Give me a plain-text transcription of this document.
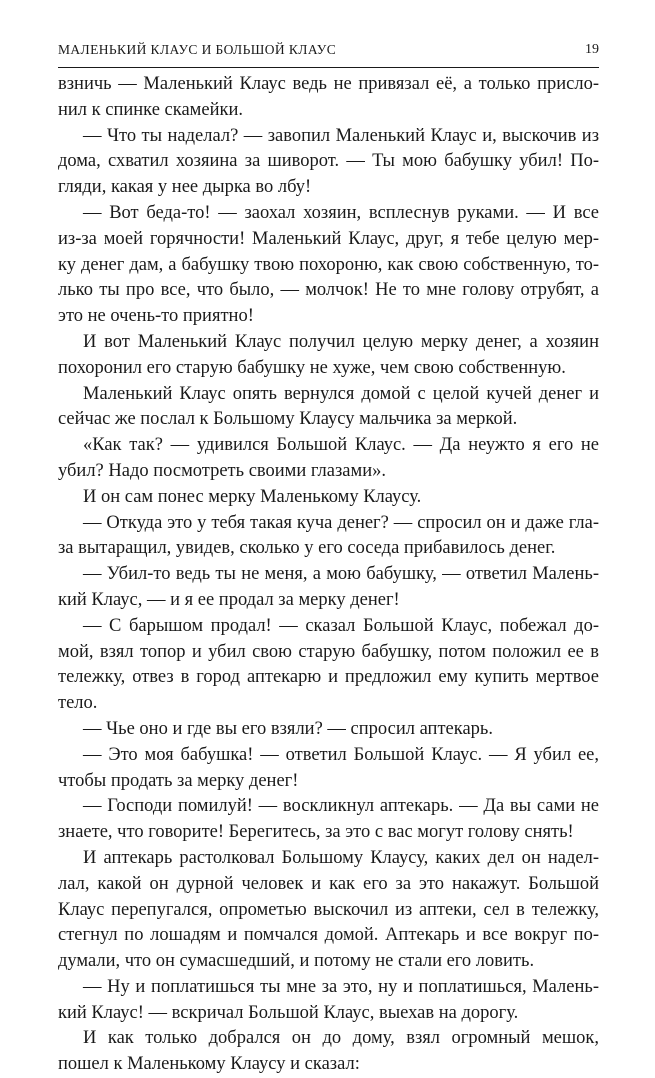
МАЛЕНЬКИЙ КЛАУС И БОЛЬШОЙ КЛАУС	19
взничь — Маленький Клаус ведь не привязал её, а только присло-
нил к спинке скамейки.
— Что ты наделал? — завопил Маленький Клаус и, выскочив из
дома, схватил хозяина за шиворот. — Ты мою бабушку убил! По-
гляди, какая у нее дырка во лбу!
— Вот беда-то! — заохал хозяин, всплеснув руками. — И все
из-за моей горячности! Маленький Клаус, друг, я тебе целую мер-
ку денег дам, а бабушку твою похороню, как свою собственную, то-
лько ты про все, что было, — молчок! Не то мне голову отрубят, а
это не очень-то приятно!
И вот Маленький Клаус получил целую мерку денег, а хозяин
похоронил его старую бабушку не хуже, чем свою собственную.
Маленький Клаус опять вернулся домой с целой кучей денег и
сейчас же послал к Большому Клаусу мальчика за меркой.
«Как так? — удивился Большой Клаус. — Да неужто я его не
убил? Надо посмотреть своими глазами».
И он сам понес мерку Маленькому Клаусу.
— Откуда это у тебя такая куча денег? — спросил он и даже гла-
за вытаращил, увидев, сколько у его соседа прибавилось денег.
— Убил-то ведь ты не меня, а мою бабушку, — ответил Малень-
кий Клаус, — и я ее продал за мерку денег!
— С барышом продал! — сказал Большой Клаус, побежал до-
мой, взял топор и убил свою старую бабушку, потом положил ее в
тележку, отвез в город аптекарю и предложил ему купить мертвое
тело.
— Чье оно и где вы его взяли? — спросил аптекарь.
— Это моя бабушка! — ответил Большой Клаус. — Я убил ее,
чтобы продать за мерку денег!
— Господи помилуй! — воскликнул аптекарь. — Да вы сами не
знаете, что говорите! Берегитесь, за это с вас могут голову снять!
И аптекарь растолковал Большому Клаусу, каких дел он надел-
лал, какой он дурной человек и как его за это накажут. Большой
Клаус перепугался, опрометью выскочил из аптеки, сел в тележку,
стегнул по лошадям и помчался домой. Аптекарь и все вокруг по-
думали, что он сумасшедший, и потому не стали его ловить.
— Ну и поплатишься ты мне за это, ну и поплатишься, Малень-
кий Клаус! — вскричал Большой Клаус, выехав на дорогу.
И как только добрался он до дому, взял огромный мешок,
пошел к Маленькому Клаусу и сказал:
